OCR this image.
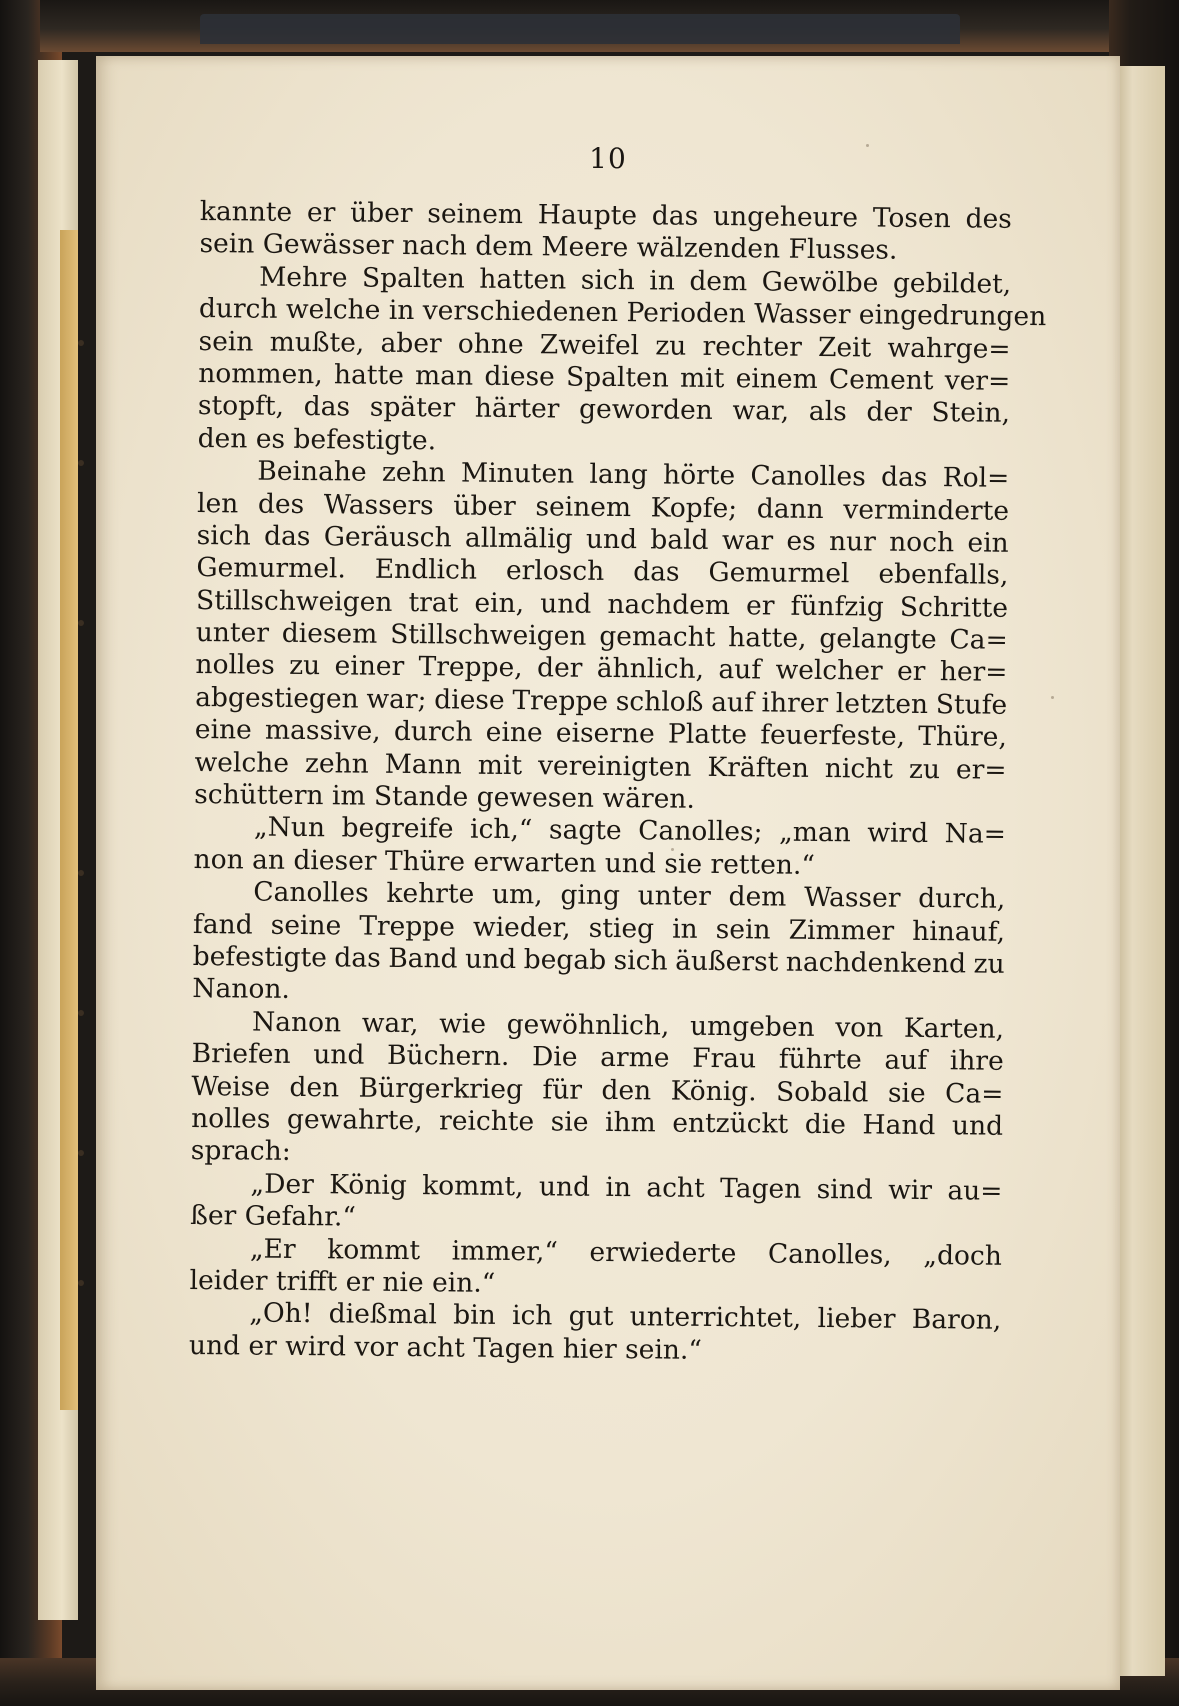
10
kannte er über seinem Haupte das ungeheure Tosen des
sein Gewässer nach dem Meere wälzenden Flusses.
Mehre Spalten hatten sich in dem Gewölbe gebildet,
durch welche in verschiedenen Perioden Wasser eingedrungen
sein mußte, aber ohne Zweifel zu rechter Zeit wahrge=
nommen, hatte man diese Spalten mit einem Cement ver=
stopft, das später härter geworden war, als der Stein,
den es befestigte.
Beinahe zehn Minuten lang hörte Canolles das Rol=
len des Wassers über seinem Kopfe; dann verminderte
sich das Geräusch allmälig und bald war es nur noch ein
Gemurmel. Endlich erlosch das Gemurmel ebenfalls,
Stillschweigen trat ein, und nachdem er fünfzig Schritte
unter diesem Stillschweigen gemacht hatte, gelangte Ca=
nolles zu einer Treppe, der ähnlich, auf welcher er her=
abgestiegen war; diese Treppe schloß auf ihrer letzten Stufe
eine massive, durch eine eiserne Platte feuerfeste, Thüre,
welche zehn Mann mit vereinigten Kräften nicht zu er=
schüttern im Stande gewesen wären.
„Nun begreife ich,“ sagte Canolles; „man wird Na=
non an dieser Thüre erwarten und sie retten.“
Canolles kehrte um, ging unter dem Wasser durch,
fand seine Treppe wieder, stieg in sein Zimmer hinauf,
befestigte das Band und begab sich äußerst nachdenkend zu
Nanon.
Nanon war, wie gewöhnlich, umgeben von Karten,
Briefen und Büchern. Die arme Frau führte auf ihre
Weise den Bürgerkrieg für den König. Sobald sie Ca=
nolles gewahrte, reichte sie ihm entzückt die Hand und
sprach:
„Der König kommt, und in acht Tagen sind wir au=
ßer Gefahr.“
„Er kommt immer,“ erwiederte Canolles, „doch
leider trifft er nie ein.“
„Oh! dießmal bin ich gut unterrichtet, lieber Baron,
und er wird vor acht Tagen hier sein.“
